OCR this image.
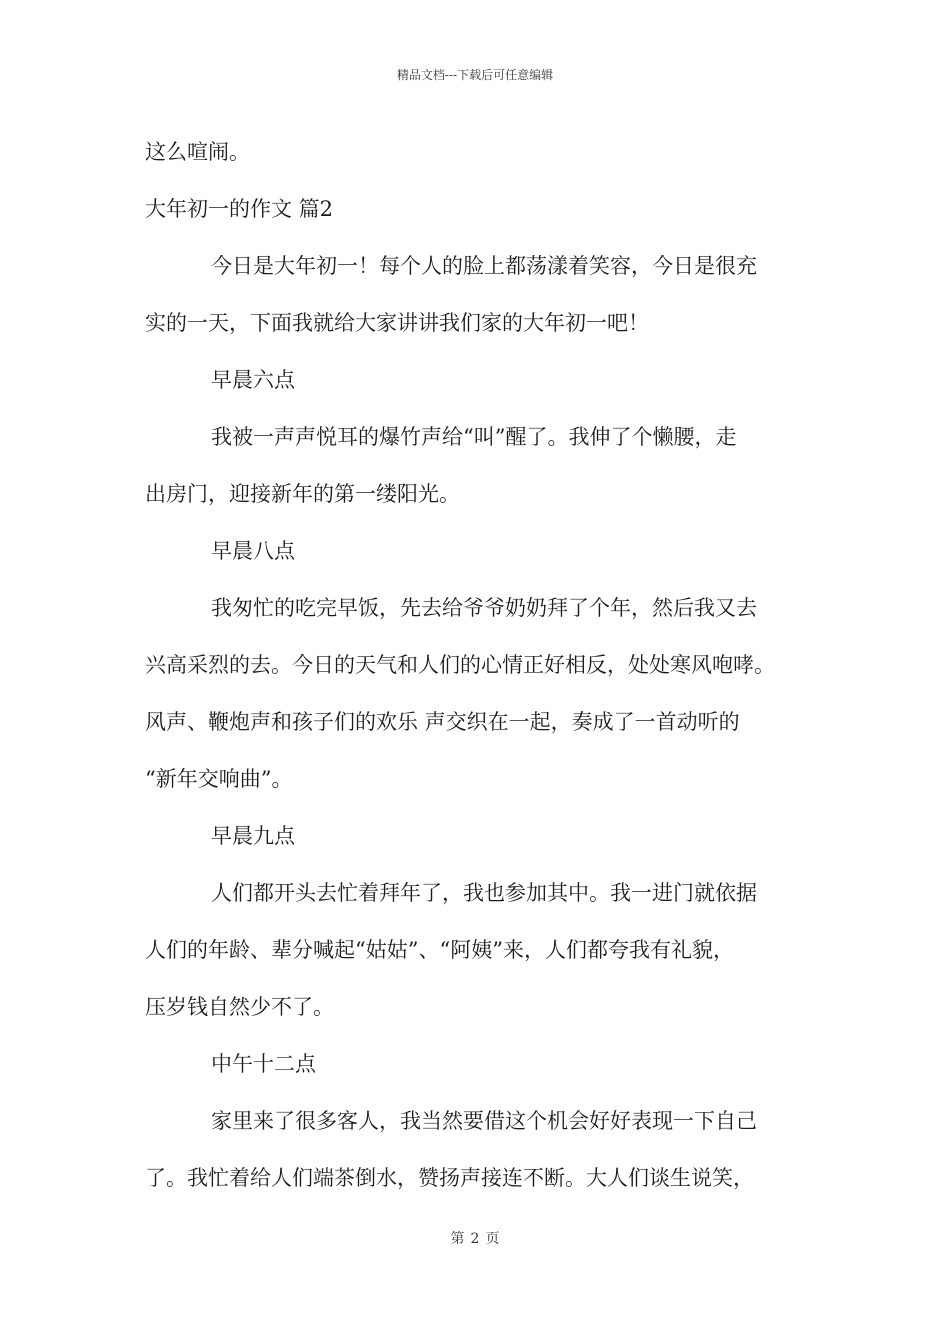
精品文档---下载后可任意编辑
这么喧闹。
大年初一的作文 篇2
今日是大年初一！每个人的脸上都荡漾着笑容，今日是很充
实的一天，下面我就给大家讲讲我们家的大年初一吧！
早晨六点
我被一声声悦耳的爆竹声给“叫”醒了。我伸了个懒腰，走
出房门，迎接新年的第一缕阳光。
早晨八点
我匆忙的吃完早饭，先去给爷爷奶奶拜了个年，然后我又去
兴高采烈的去。今日的天气和人们的心情正好相反，处处寒风咆哮。
风声、鞭炮声和孩子们的欢乐 声交织在一起，奏成了一首动听的
“新年交响曲”。
早晨九点
人们都开头去忙着拜年了，我也参加其中。我一进门就依据
人们的年龄、辈分喊起“姑姑”、“阿姨”来，人们都夸我有礼貌，
压岁钱自然少不了。
中午十二点
家里来了很多客人，我当然要借这个机会好好表现一下自己
了。我忙着给人们端茶倒水，赞扬声接连不断。大人们谈生说笑，
第 2 页
